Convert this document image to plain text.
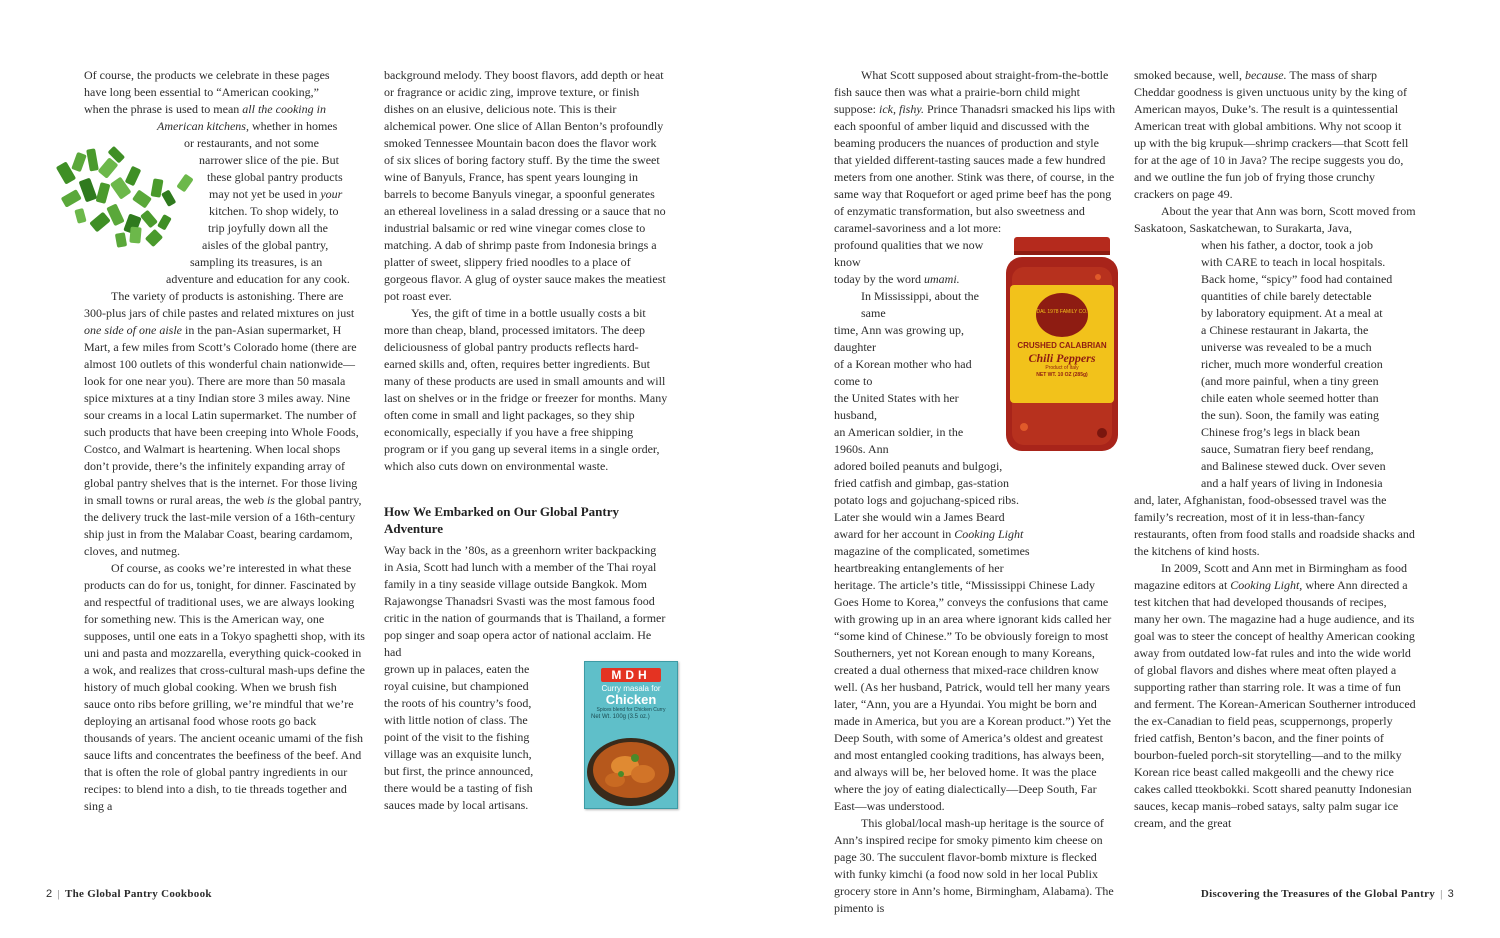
Of course, the products we celebrate in these pages

have long been essential to “American cooking,”

when the phrase is used to mean all the cooking in

American kitchens, whether in homes

or restaurants, and not some

narrower slice of the pie. But

these global pantry products

may not yet be used in your

kitchen. To shop widely, to

trip joyfully down all the

aisles of the global pantry,

sampling its treasures, is an

adventure and education for any cook.

The variety of products is astonishing. There are 300-plus jars of chile pastes and related mixtures on just one side of one aisle in the pan-Asian supermarket, H Mart, a few miles from Scott’s Colorado home (there are almost 100 outlets of this wonderful chain nationwide—look for one near you). There are more than 50 masala spice mixtures at a tiny Indian store 3 miles away. Nine sour creams in a local Latin supermarket. The number of such products that have been creeping into Whole Foods, Costco, and Walmart is heartening. When local shops don’t provide, there’s the infinitely expanding array of global pantry shelves that is the internet. For those living in small towns or rural areas, the web is the global pantry, the delivery truck the last-mile version of a 16th-century ship just in from the Malabar Coast, bearing cardamom, cloves, and nutmeg.

Of course, as cooks we’re interested in what these products can do for us, tonight, for dinner. Fascinated by and respectful of traditional uses, we are always looking for something new. This is the American way, one supposes, until one eats in a Tokyo spaghetti shop, with its uni and pasta and mozzarella, everything quick-cooked in a wok, and realizes that cross-cultural mash-ups define the history of much global cooking. When we brush fish sauce onto ribs before grilling, we’re mindful that we’re deploying an artisanal food whose roots go back thousands of years. The ancient oceanic umami of the fish sauce lifts and concentrates the beefiness of the beef. And that is often the role of global pantry ingredients in our recipes: to blend into a dish, to tie threads together and sing a

background melody. They boost flavors, add depth or heat or fragrance or acidic zing, improve texture, or finish dishes on an elusive, delicious note. This is their alchemical power. One slice of Allan Benton’s profoundly smoked Tennessee Mountain bacon does the flavor work of six slices of boring factory stuff. By the time the sweet wine of Banyuls, France, has spent years lounging in barrels to become Banyuls vinegar, a spoonful generates an ethereal loveliness in a salad dressing or a sauce that no industrial balsamic or red wine vinegar comes close to matching. A dab of shrimp paste from Indonesia brings a platter of sweet, slippery fried noodles to a place of gorgeous flavor. A glug of oyster sauce makes the meatiest pot roast ever.

Yes, the gift of time in a bottle usually costs a bit more than cheap, bland, processed imitators. The deep deliciousness of global pantry products reflects hard-earned skills and, often, requires better ingredients. But many of these products are used in small amounts and will last on shelves or in the fridge or freezer for months. Many often come in small and light packages, so they ship economically, especially if you have a free shipping program or if you gang up several items in a single order, which also cuts down on environmental waste.

How We Embarked on Our Global Pantry Adventure

Way back in the ’80s, as a greenhorn writer backpacking in Asia, Scott had lunch with a member of the Thai royal family in a tiny seaside village outside Bangkok. Mom Rajawongse Thanadsri Svasti was the most famous food critic in the nation of gourmands that is Thailand, a former pop singer and soap opera actor of national acclaim. He had

MDH
Curry masala for
Chicken
Spices blend for Chicken Curry
Net Wt. 100g (3.5 oz.)

grown up in palaces, eaten the

royal cuisine, but championed

the roots of his country’s food,

with little notion of class. The

point of the visit to the fishing

village was an exquisite lunch,

but first, the prince announced,

there would be a tasting of fish

sauces made by local artisans.

2 | The Global Pantry Cookbook

What Scott supposed about straight-from-the-bottle fish sauce then was what a prairie-born child might suppose: ick, fishy. Prince Thanadsri smacked his lips with each spoonful of amber liquid and discussed with the beaming producers the nuances of production and style that yielded different-tasting sauces made a few hundred meters from one another. Stink was there, of course, in the same way that Roquefort or aged prime beef has the pong of enzymatic transformation, but also sweetness and caramel-savoriness and a lot more:

DAL 1978 FAMILY CO.
CRUSHED CALABRIAN
Chili Peppers
Product of Italy
NET WT. 10 OZ (285g)

profound qualities that we now know

today by the word umami.

In Mississippi, about the same

time, Ann was growing up, daughter

of a Korean mother who had come to

the United States with her husband,

an American soldier, in the 1960s. Ann

adored boiled peanuts and bulgogi,

fried catfish and gimbap, gas-station

potato logs and gojuchang-spiced ribs.

Later she would win a James Beard

award for her account in Cooking Light

magazine of the complicated, sometimes

heartbreaking entanglements of her

heritage. The article’s title, “Mississippi Chinese Lady Goes Home to Korea,” conveys the confusions that came with growing up in an area where ignorant kids called her “some kind of Chinese.” To be obviously foreign to most Southerners, yet not Korean enough to many Koreans, created a dual otherness that mixed-race children know well. (As her husband, Patrick, would tell her many years later, “Ann, you are a Hyundai. You might be born and made in America, but you are a Korean product.”) Yet the Deep South, with some of America’s oldest and greatest and most entangled cooking traditions, has always been, and always will be, her beloved home. It was the place where the joy of eating dialectically—Deep South, Far East—was understood.

This global/local mash-up heritage is the source of Ann’s inspired recipe for smoky pimento kim cheese on page 30. The succulent flavor-bomb mixture is flecked with funky kimchi (a food now sold in her local Publix grocery store in Ann’s home, Birmingham, Alabama). The pimento is

smoked because, well, because. The mass of sharp Cheddar goodness is given unctuous unity by the king of American mayos, Duke’s. The result is a quintessential American treat with global ambitions. Why not scoop it up with the big krupuk—shrimp crackers—that Scott fell for at the age of 10 in Java? The recipe suggests you do, and we outline the fun job of frying those crunchy crackers on page 49.

About the year that Ann was born, Scott moved from Saskatoon, Saskatchewan, to Surakarta, Java,

when his father, a doctor, took a job

with CARE to teach in local hospitals.

Back home, “spicy” food had contained

quantities of chile barely detectable

by laboratory equipment. At a meal at

a Chinese restaurant in Jakarta, the

universe was revealed to be a much

richer, much more wonderful creation

(and more painful, when a tiny green

chile eaten whole seemed hotter than

the sun). Soon, the family was eating

Chinese frog’s legs in black bean

sauce, Sumatran fiery beef rendang,

and Balinese stewed duck. Over seven

and a half years of living in Indonesia

and, later, Afghanistan, food-obsessed travel was the family’s recreation, most of it in less-than-fancy restaurants, often from food stalls and roadside shacks and the kitchens of kind hosts.

In 2009, Scott and Ann met in Birmingham as food magazine editors at Cooking Light, where Ann directed a test kitchen that had developed thousands of recipes, many her own. The magazine had a huge audience, and its goal was to steer the concept of healthy American cooking away from outdated low-fat rules and into the wide world of global flavors and dishes where meat often played a supporting rather than starring role. It was a time of fun and ferment. The Korean-American Southerner introduced the ex-Canadian to field peas, scuppernongs, properly fried catfish, Benton’s bacon, and the finer points of bourbon-fueled porch-sit storytelling—and to the milky Korean rice beast called makgeolli and the chewy rice cakes called tteokbokki. Scott shared peanutty Indonesian sauces, kecap manis–robed satays, salty palm sugar ice cream, and the great

Discovering the Treasures of the Global Pantry | 3
